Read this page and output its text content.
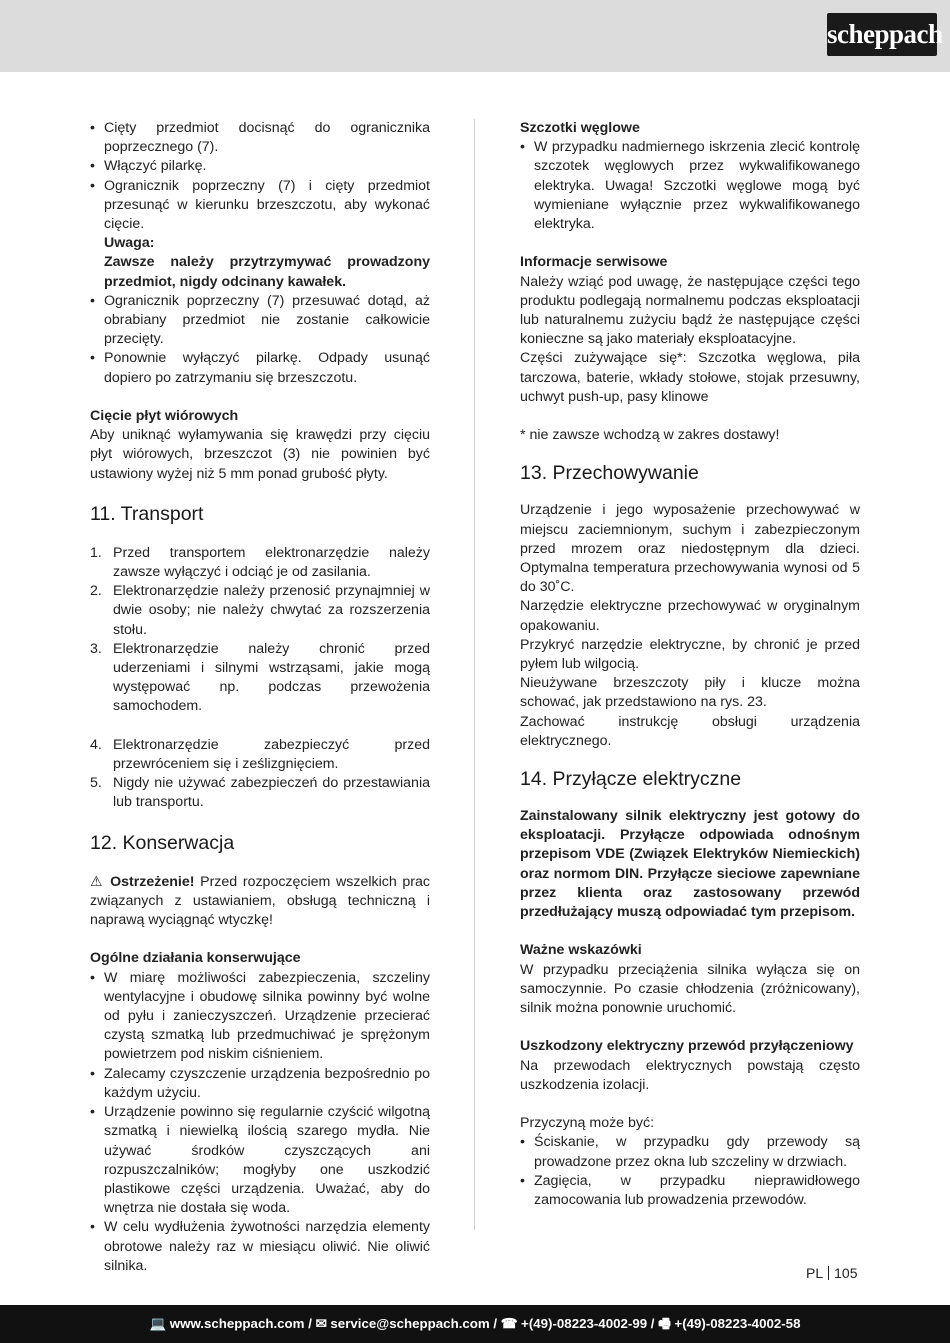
scheppach
• Cięty przedmiot docisnąć do ogranicznika poprzecznego (7).
• Włączyć pilarkę.
• Ogranicznik poprzeczny (7) i cięty przedmiot przesunąć w kierunku brzeszczotu, aby wykonać cięcie.
Uwaga:
Zawsze należy przytrzymywać prowadzony przedmiot, nigdy odcinany kawałek.
• Ogranicznik poprzeczny (7) przesuwać dotąd, aż obrabiany przedmiot nie zostanie całkowicie przecięty.
• Ponownie wyłączyć pilarkę. Odpady usunąć dopiero po zatrzymaniu się brzeszczotu.
Cięcie płyt wiórowych

Aby uniknąć wyłamywania się krawędzi przy cięciu płyt wiórowych, brzeszczot (3) nie powinien być ustawiony wyżej niż 5 mm ponad grubość płyty.

11. Transport
1. Przed transportem elektronarzędzie należy zawsze wyłączyć i odciąć je od zasilania.
2. Elektronarzędzie należy przenosić przynajmniej w dwie osoby; nie należy chwytać za rozszerzenia stołu.
3. Elektronarzędzie należy chronić przed uderzeniami i silnymi wstrząsami, jakie mogą występować np. podczas przewożenia samochodem.
4. Elektronarzędzie zabezpieczyć przed przewróceniem się i ześlizgnięciem.
5. Nigdy nie używać zabezpieczeń do przestawiania lub transportu.
12. Konserwacja

⚠ Ostrzeżenie! Przed rozpoczęciem wszelkich prac związanych z ustawianiem, obsługą techniczną i naprawą wyciągnąć wtyczkę!

Ogólne działania konserwujące
• W miarę możliwości zabezpieczenia, szczeliny wentylacyjne i obudowę silnika powinny być wolne od pyłu i zanieczyszczeń. Urządzenie przecierać czystą szmatką lub przedmuchiwać je sprężonym powietrzem pod niskim ciśnieniem.
• Zalecamy czyszczenie urządzenia bezpośrednio po każdym użyciu.
• Urządzenie powinno się regularnie czyścić wilgotną szmatką i niewielką ilością szarego mydła. Nie używać środków czyszczących ani rozpuszczalników; mogłyby one uszkodzić plastikowe części urządzenia. Uważać, aby do wnętrza nie dostała się woda.
• W celu wydłużenia żywotności narzędzia elementy obrotowe należy raz w miesiącu oliwić. Nie oliwić silnika.
Szczotki węglowe
• W przypadku nadmiernego iskrzenia zlecić kontrolę szczotek węglowych przez wykwalifikowanego elektryka. Uwaga! Szczotki węglowe mogą być wymieniane wyłącznie przez wykwalifikowanego elektryka.
Informacje serwisowe

Należy wziąć pod uwagę, że następujące części tego produktu podlegają normalnemu podczas eksploatacji lub naturalnemu zużyciu bądź że następujące części konieczne są jako materiały eksploatacyjne.

Części zużywające się*: Szczotka węglowa, piła tarczowa, baterie, wkłady stołowe, stojak przesuwny, uchwyt push-up, pasy klinowe

* nie zawsze wchodzą w zakres dostawy!

13. Przechowywanie

Urządzenie i jego wyposażenie przechowywać w miejscu zaciemnionym, suchym i zabezpieczonym przed mrozem oraz niedostępnym dla dzieci. Optymalna temperatura przechowywania wynosi od 5 do 30˚C.

Narzędzie elektryczne przechowywać w oryginalnym opakowaniu.

Przykryć narzędzie elektryczne, by chronić je przed pyłem lub wilgocią.

Nieużywane brzeszczoty piły i klucze można schować, jak przedstawiono na rys. 23.

Zachować instrukcję obsługi urządzenia elektrycznego.

14. Przyłącze elektryczne

Zainstalowany silnik elektryczny jest gotowy do eksploatacji. Przyłącze odpowiada odnośnym przepisom VDE (Związek Elektryków Niemieckich) oraz normom DIN. Przyłącze sieciowe zapewniane przez klienta oraz zastosowany przewód przedłużający muszą odpowiadać tym przepisom.

Ważne wskazówki

W przypadku przeciążenia silnika wyłącza się on samoczynnie. Po czasie chłodzenia (zróżnicowany), silnik można ponownie uruchomić.

Uszkodzony elektryczny przewód przyłączeniowy

Na przewodach elektrycznych powstają często uszkodzenia izolacji.

Przyczyną może być:

• Ściskanie, w przypadku gdy przewody są prowadzone przez okna lub szczeliny w drzwiach.
• Zagięcia, w przypadku nieprawidłowego zamocowania lub prowadzenia przewodów.
PL 105
💻 www.scheppach.com / ✉ service@scheppach.com / ☎ +(49)-08223-4002-99 / 🖷 +(49)-08223-4002-58
